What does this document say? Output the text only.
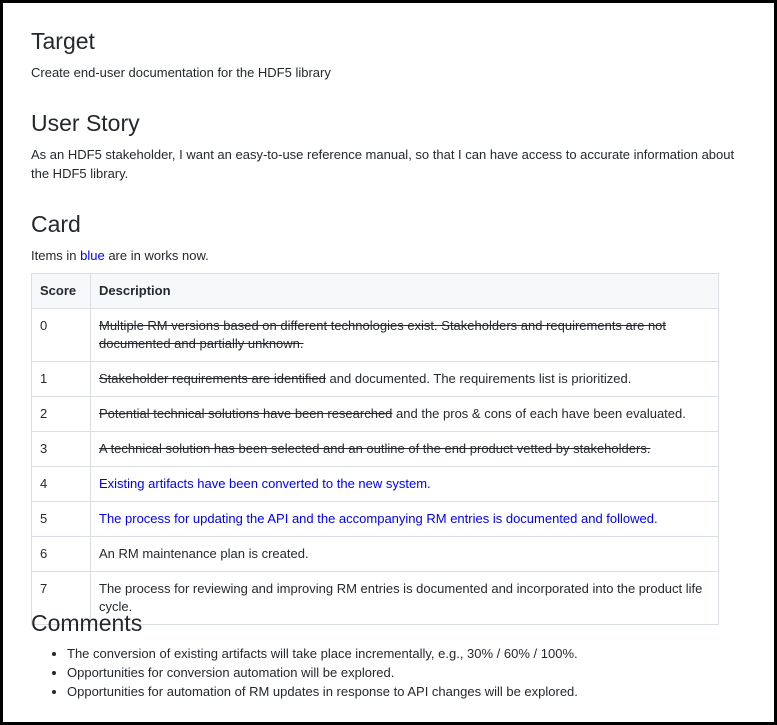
Target

Create end-user documentation for the HDF5 library

User Story

As an HDF5 stakeholder, I want an easy-to-use reference manual, so that I can have access to accurate information about the HDF5 library.

Card

Items in blue are in works now.

Score	Description
0	Multiple RM versions based on different technologies exist. Stakeholders and requirements are not documented and partially unknown.
1	Stakeholder requirements are identified and documented. The requirements list is prioritized.
2	Potential technical solutions have been researched and the pros & cons of each have been evaluated.
3	A technical solution has been selected and an outline of the end product vetted by stakeholders.
4	Existing artifacts have been converted to the new system.
5	The process for updating the API and the accompanying RM entries is documented and followed.
6	An RM maintenance plan is created.
7	The process for reviewing and improving RM entries is documented and incorporated into the product life cycle.
Comments
• The conversion of existing artifacts will take place incrementally, e.g., 30% / 60% / 100%.
• Opportunities for conversion automation will be explored.
• Opportunities for automation of RM updates in response to API changes will be explored.
